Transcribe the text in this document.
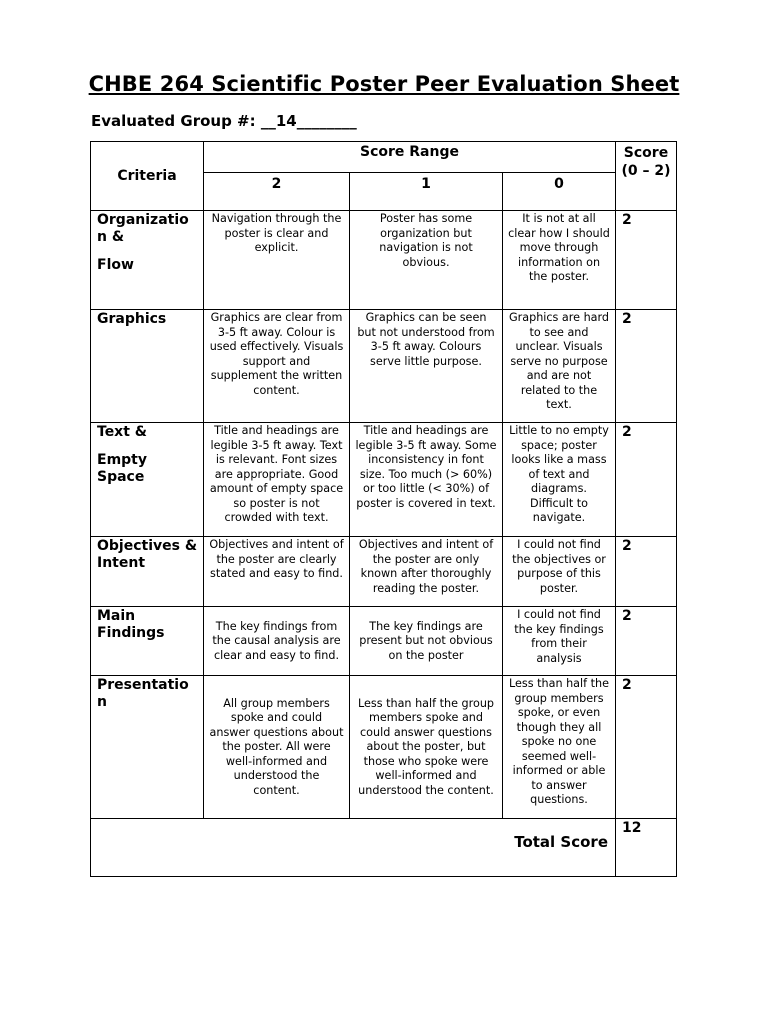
CHBE 264 Scientific Poster Peer Evaluation Sheet
Evaluated Group #: __14________
Criteria	Score Range			Score (0 – 2)
	2	1	0	

Organizatio n &

Flow	Navigation through the poster is clear and explicit.	Poster has some organization but navigation is not obvious.	It is not at all clear how I should move through information on the poster.	2

Graphics	Graphics are clear from 3-5 ft away. Colour is used effectively. Visuals support and supplement the written content.	Graphics can be seen but not understood from 3-5 ft away. Colours serve little purpose.	Graphics are hard to see and unclear. Visuals serve no purpose and are not related to the text.	2

Text &

Empty Space	Title and headings are legible 3-5 ft away. Text is relevant. Font sizes are appropriate. Good amount of empty space so poster is not crowded with text.	Title and headings are legible 3-5 ft away. Some inconsistency in font size. Too much (> 60%) or too little (< 30%) of poster is covered in text.	Little to no empty space; poster looks like a mass of text and diagrams. Difficult to navigate.	2

Objectives & Intent	Objectives and intent of the poster are clearly stated and easy to find.	Objectives and intent of the poster are only known after thoroughly reading the poster.	I could not find the objectives or purpose of this poster.	2

Main Findings	The key findings from the causal analysis are clear and easy to find.	The key findings are present but not obvious on the poster	I could not find the key findings from their analysis	2

Presentatio n	All group members spoke and could answer questions about the poster. All were well-informed and understood the content.	Less than half the group members spoke and could answer questions about the poster, but those who spoke were well-informed and understood the content.	Less than half the group members spoke, or even though they all spoke no one seemed well-informed or able to answer questions.	2
Total Score				12
